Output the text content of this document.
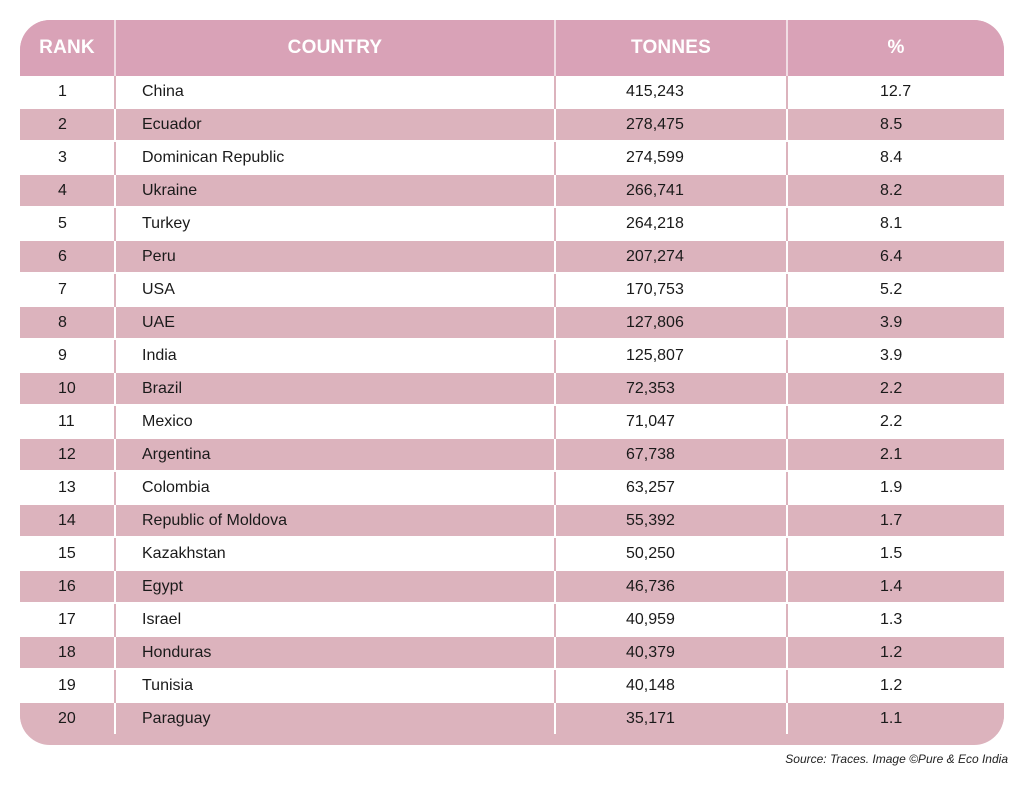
RANK	COUNTRY	TONNES	%
1	China	415,243	12.7
2	Ecuador	278,475	8.5
3	Dominican Republic	274,599	8.4
4	Ukraine	266,741	8.2
5	Turkey	264,218	8.1
6	Peru	207,274	6.4
7	USA	170,753	5.2
8	UAE	127,806	3.9
9	India	125,807	3.9
10	Brazil	72,353	2.2
11	Mexico	71,047	2.2
12	Argentina	67,738	2.1
13	Colombia	63,257	1.9
14	Republic of Moldova	55,392	1.7
15	Kazakhstan	50,250	1.5
16	Egypt	46,736	1.4
17	Israel	40,959	1.3
18	Honduras	40,379	1.2
19	Tunisia	40,148	1.2
20	Paraguay	35,171	1.1
Source: Traces. Image ©Pure & Eco India
